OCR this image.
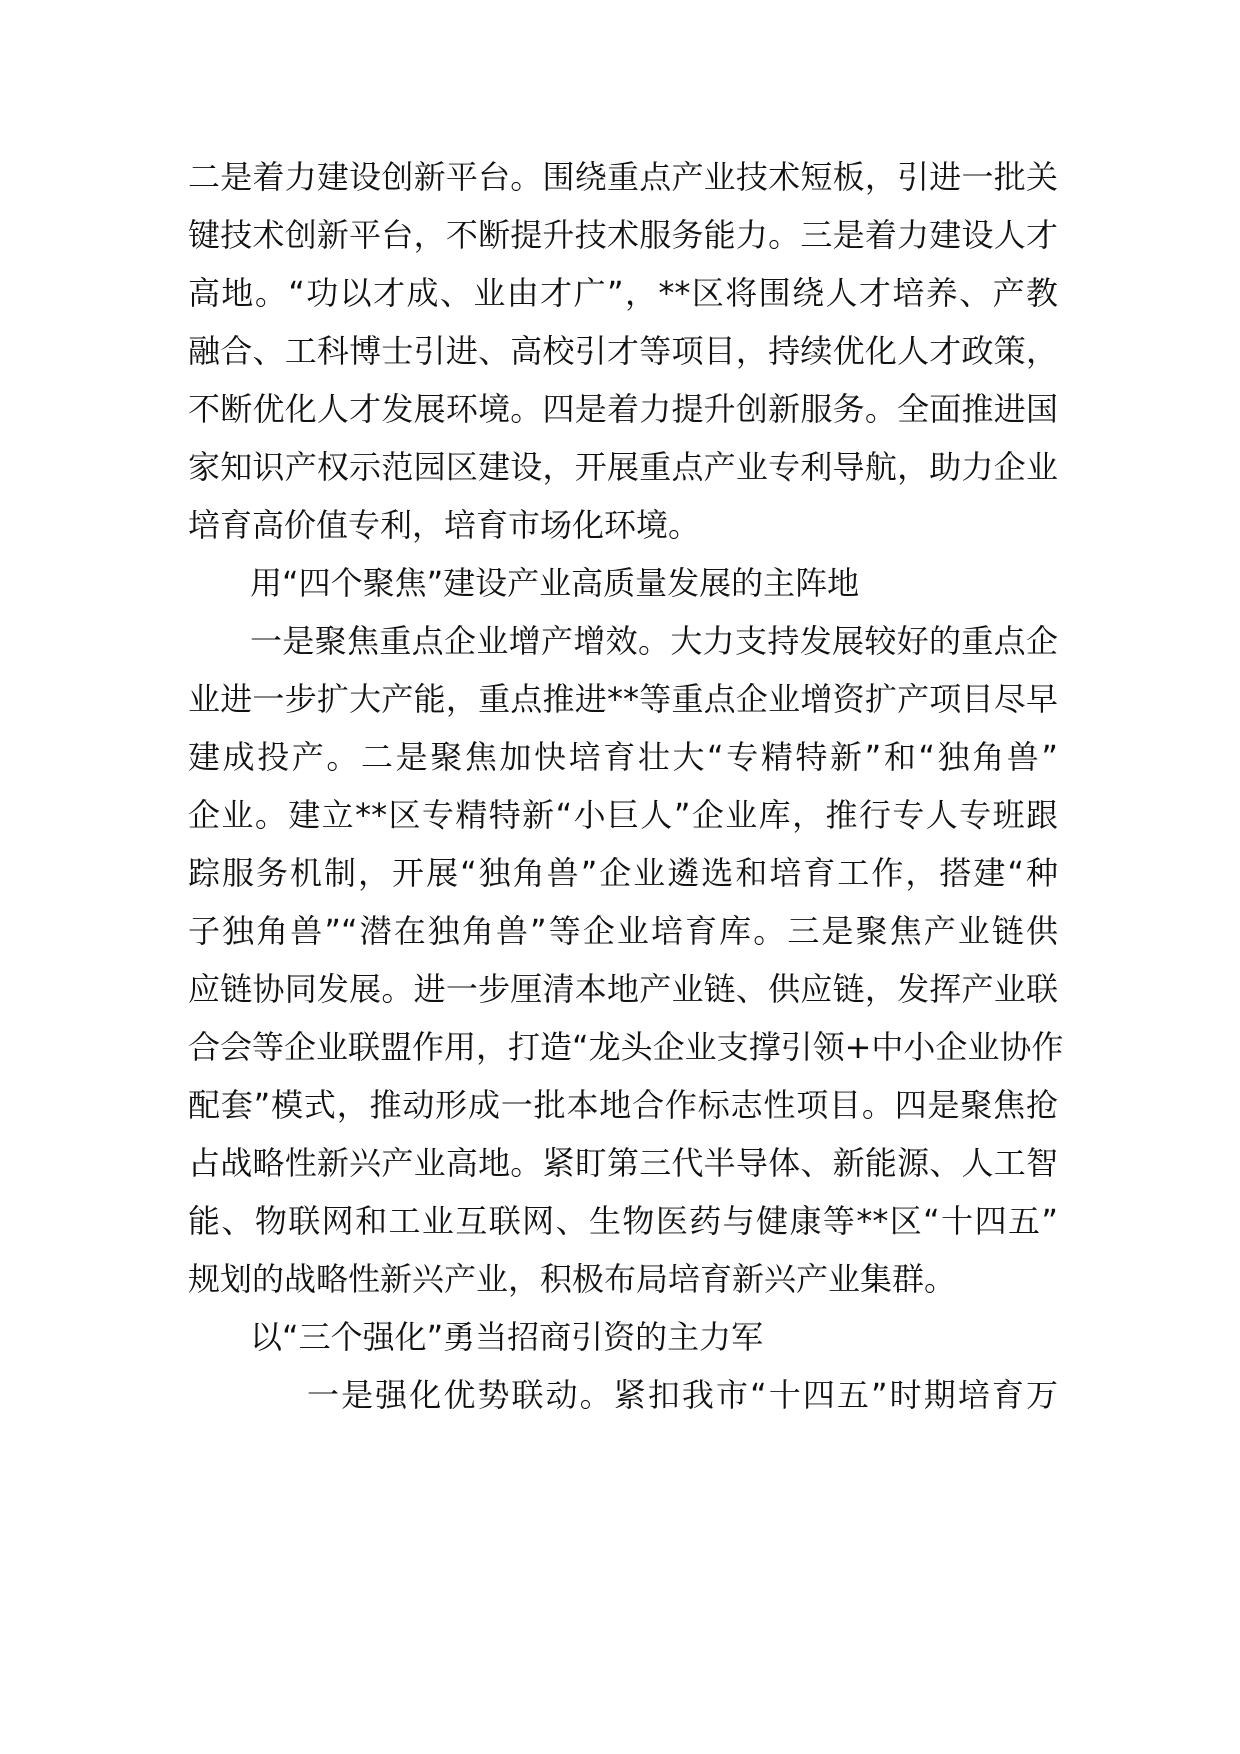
二是着力建设创新平台。围绕重点产业技术短板，引进一批关
键技术创新平台，不断提升技术服务能力。三是着力建设人才
高地。“功以才成、业由才广”，**区将围绕人才培养、产教
融合、工科博士引进、高校引才等项目，持续优化人才政策，
不断优化人才发展环境。四是着力提升创新服务。全面推进国
家知识产权示范园区建设，开展重点产业专利导航，助力企业
培育高价值专利，培育市场化环境。
用“四个聚焦”建设产业高质量发展的主阵地
一是聚焦重点企业增产增效。大力支持发展较好的重点企
业进一步扩大产能，重点推进**等重点企业增资扩产项目尽早
建成投产。二是聚焦加快培育壮大“专精特新”和“独角兽”
企业。建立**区专精特新“小巨人”企业库，推行专人专班跟
踪服务机制，开展“独角兽”企业遴选和培育工作，搭建“种
子独角兽”“潜在独角兽”等企业培育库。三是聚焦产业链供
应链协同发展。进一步厘清本地产业链、供应链，发挥产业联
合会等企业联盟作用，打造“龙头企业支撑引领+中小企业协作
配套”模式，推动形成一批本地合作标志性项目。四是聚焦抢
占战略性新兴产业高地。紧盯第三代半导体、新能源、人工智
能、物联网和工业互联网、生物医药与健康等**区“十四五”
规划的战略性新兴产业，积极布局培育新兴产业集群。
以“三个强化”勇当招商引资的主力军
一是强化优势联动。紧扣我市“十四五”时期培育万
